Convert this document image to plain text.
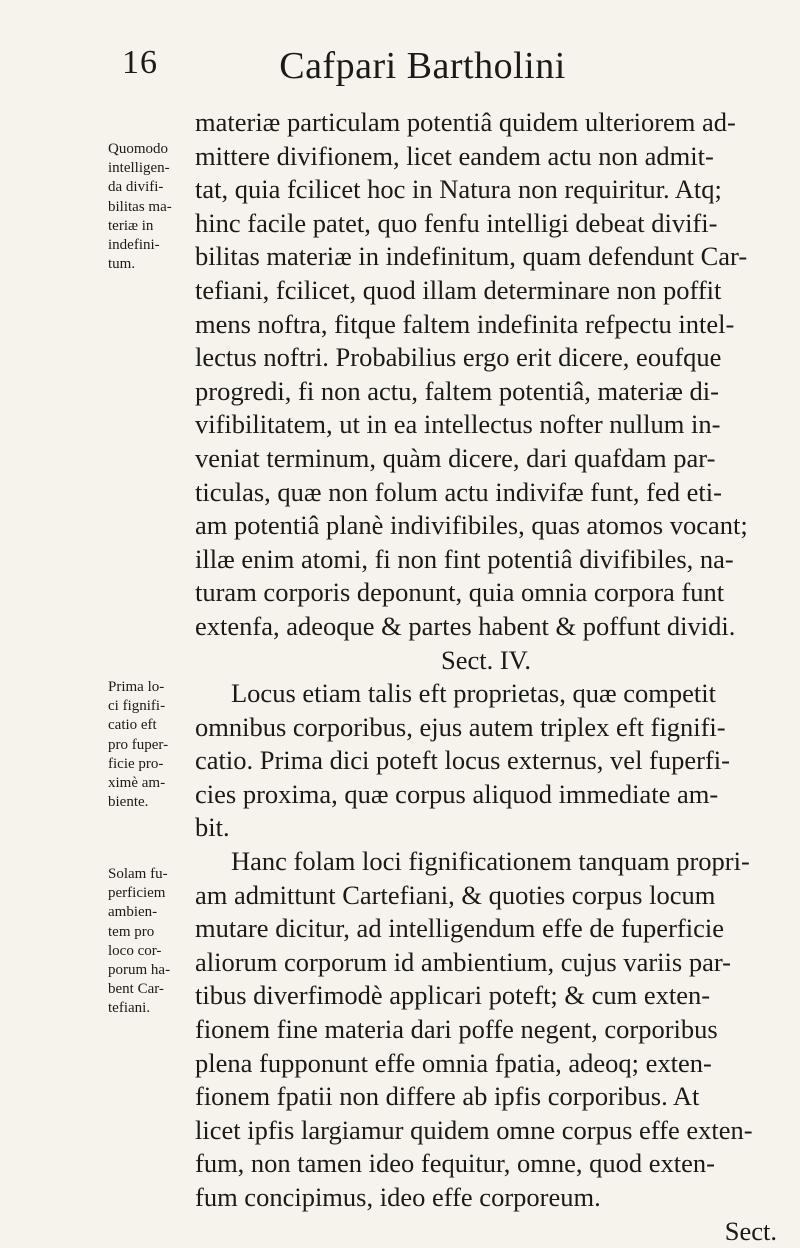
16	Cafpari Bartholini
Quomodo
intelligen-
da divifi-
bilitas ma-
teriæ in
indefini-
tum.
Prima lo-
ci fignifi-
catio eft
pro fuper-
ficie pro-
ximè am-
biente.
Solam fu-
perficiem
ambien-
tem pro
loco cor-
porum ha-
bent Car-
tefiani.
materiæ particulam potentiâ quidem ulteriorem ad-
mittere divifionem, licet eandem actu non admit-
tat, quia fcilicet hoc in Natura non requiritur. Atq;
hinc facile patet, quo fenfu intelligi debeat divifi-
bilitas materiæ in indefinitum, quam defendunt Car-
tefiani, fcilicet, quod illam determinare non poffit
mens noftra, fitque faltem indefinita refpectu intel-
lectus noftri. Probabilius ergo erit dicere, eoufque
progredi, fi non actu, faltem potentiâ, materiæ di-
vifibilitatem, ut in ea intellectus nofter nullum in-
veniat terminum, quàm dicere, dari quafdam par-
ticulas, quæ non folum actu indivifæ funt, fed eti-
am potentiâ planè indivifibiles, quas atomos vocant;
illæ enim atomi, fi non fint potentiâ divifibiles, na-
turam corporis deponunt, quia omnia corpora funt
extenfa, adeoque & partes habent & poffunt dividi.
Sect. IV.
Locus etiam talis eft proprietas, quæ competit
omnibus corporibus, ejus autem triplex eft fignifi-
catio. Prima dici poteft locus externus, vel fuperfi-
cies proxima, quæ corpus aliquod immediate am-
bit.
Hanc folam loci fignificationem tanquam propri-
am admittunt Cartefiani, & quoties corpus locum
mutare dicitur, ad intelligendum effe de fuperficie
aliorum corporum id ambientium, cujus variis par-
tibus diverfimodè applicari poteft; & cum exten-
fionem fine materia dari poffe negent, corporibus
plena fupponunt effe omnia fpatia, adeoq; exten-
fionem fpatii non differe ab ipfis corporibus. At
licet ipfis largiamur quidem omne corpus effe exten-
fum, non tamen ideo fequitur, omne, quod exten-
fum concipimus, ideo effe corporeum.
Sect.
